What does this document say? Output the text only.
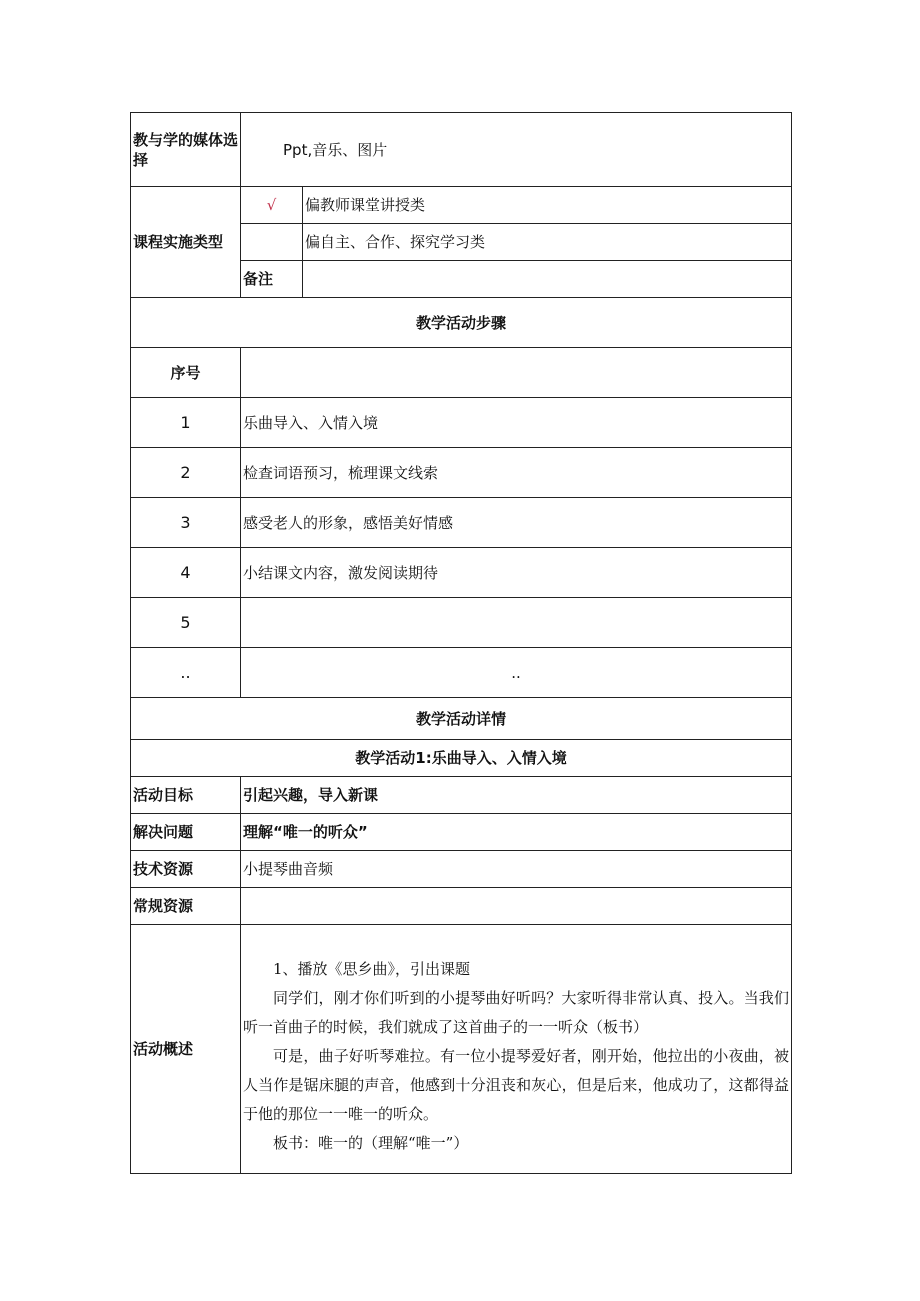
教与学的媒体选择	Ppt,音乐、图片	
课程实施类型	√	偏教师课堂讲授类
		偏自主、合作、探究学习类
	备注	
教学活动步骤		
序号		
1	乐曲导入、入情入境	
2	检查词语预习，梳理课文线索	
3	感受老人的形象，感悟美好情感	
4	小结课文内容，激发阅读期待	
5		
..	..	
教学活动详情		
教学活动1:乐曲导入、入情入境		
活动目标	引起兴趣，导入新课	
解决问题	理解“唯一的听众”	
技术资源	小提琴曲音频	
常规资源		
活动概述	1、播放《思乡曲》，引出课题

同学们，刚才你们听到的小提琴曲好听吗？大家听得非常认真、投入。当我们听一首曲子的时候，我们就成了这首曲子的一一听众（板书）

可是，曲子好听琴难拉。有一位小提琴爱好者，刚开始，他拉出的小夜曲，被人当作是锯床腿的声音，他感到十分沮丧和灰心，但是后来，他成功了，这都得益于他的那位一一唯一的听众。

板书：唯一的（理解“唯一”）	
